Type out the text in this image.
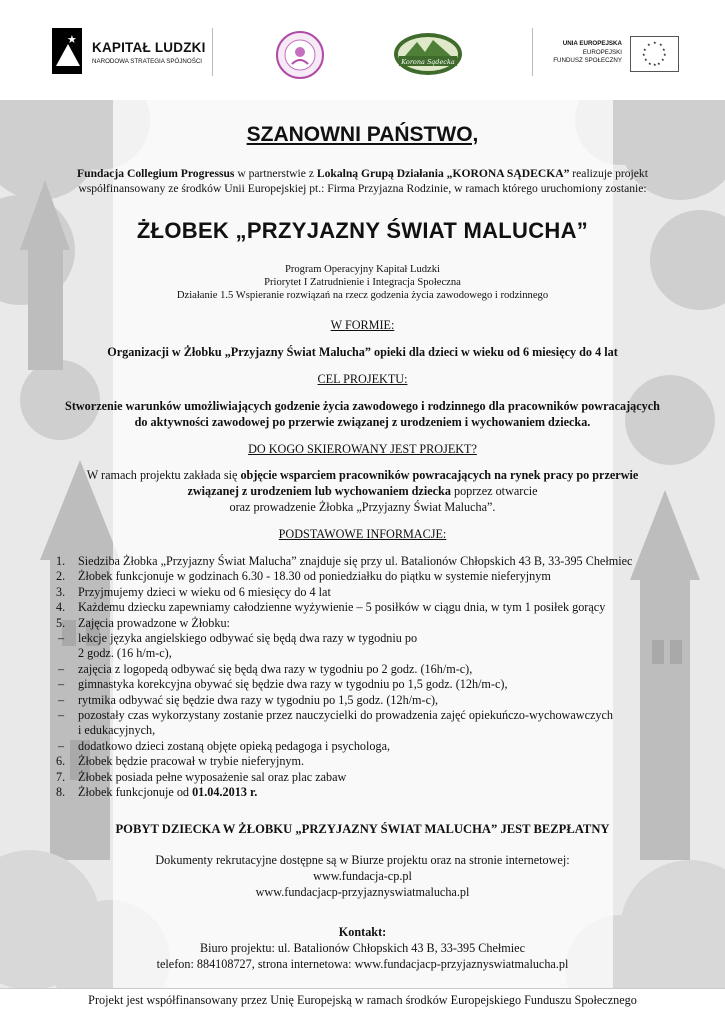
★
KAPITAŁ LUDZKI
NARODOWA STRATEGIA SPÓJNOŚCI	Korona Sądecka
UNIA EUROPEJSKA
EUROPEJSKI
FUNDUSZ SPOŁECZNY
★ ★
★
★
★
★
★
★
★
★
★
★
SZANOWNI PAŃSTWO,
Fundacja Collegium Progressus w partnerstwie z Lokalną Grupą Działania „KORONA SĄDECKA” realizuje projekt
współfinansowany ze środków Unii Europejskiej pt.: Firma Przyjazna Rodzinie, w ramach którego uruchomiony zostanie:
ŻŁOBEK „PRZYJAZNY ŚWIAT MALUCHA”
Program Operacyjny Kapitał Ludzki
Priorytet I Zatrudnienie i Integracja Społeczna
Działanie 1.5 Wspieranie rozwiązań na rzecz godzenia życia zawodowego i rodzinnego
W FORMIE:
Organizacji w Żłobku „Przyjazny Świat Malucha” opieki dla dzieci w wieku od 6 miesięcy do 4 lat
CEL PROJEKTU:
Stworzenie warunków umożliwiających godzenie życia zawodowego i rodzinnego dla pracowników powracających
do aktywności zawodowej po przerwie związanej z urodzeniem i wychowaniem dziecka.
DO KOGO SKIEROWANY JEST PROJEKT?
W ramach projektu zakłada się objęcie wsparciem pracowników powracających na rynek pracy po przerwie
związanej z urodzeniem lub wychowaniem dziecka poprzez otwarcie
oraz prowadzenie Żłobka „Przyjazny Świat Malucha”.
PODSTAWOWE INFORMACJE:
1. Siedziba Żłobka „Przyjazny Świat Malucha” znajduje się przy ul. Batalionów Chłopskich 43 B, 33-395 Chełmiec
2. Żłobek funkcjonuje w godzinach 6.30 - 18.30 od poniedziałku do piątku w systemie nieferyjnym
3. Przyjmujemy dzieci w wieku od 6 miesięcy do 4 lat
4. Każdemu dziecku zapewniamy całodzienne wyżywienie – 5 posiłków w ciągu dnia, w tym 1 posiłek gorący
5. Zajęcia prowadzone w Żłobku:
– lekcje języka angielskiego odbywać się będą dwa razy w tygodniu po
2 godz. (16 h/m-c),
– zajęcia z logopedą odbywać się będą dwa razy w tygodniu po 2 godz. (16h/m-c),
– gimnastyka korekcyjna obywać się będzie dwa razy w tygodniu po 1,5 godz. (12h/m-c),
– rytmika odbywać się będzie dwa razy w tygodniu po 1,5 godz. (12h/m-c),
– pozostały czas wykorzystany zostanie przez nauczycielki do prowadzenia zajęć opiekuńczo-wychowawczych
i edukacyjnych,
– dodatkowo dzieci zostaną objęte opieką pedagoga i psychologa,
6. Żłobek będzie pracował w trybie nieferyjnym.
7. Żłobek posiada pełne wyposażenie sal oraz plac zabaw
8. Żłobek funkcjonuje od 01.04.2013 r.
POBYT DZIECKA W ŻŁOBKU „PRZYJAZNY ŚWIAT MALUCHA” JEST BEZPŁATNY
Dokumenty rekrutacyjne dostępne są w Biurze projektu oraz na stronie internetowej:
www.fundacja-cp.pl
www.fundacjacp-przyjaznyswiatmalucha.pl
Kontakt:
Biuro projektu: ul. Batalionów Chłopskich 43 B, 33-395 Chełmiec
telefon: 884108727, strona internetowa: www.fundacjacp-przyjaznyswiatmalucha.pl
Projekt jest współfinansowany przez Unię Europejską w ramach środków Europejskiego Funduszu Społecznego
